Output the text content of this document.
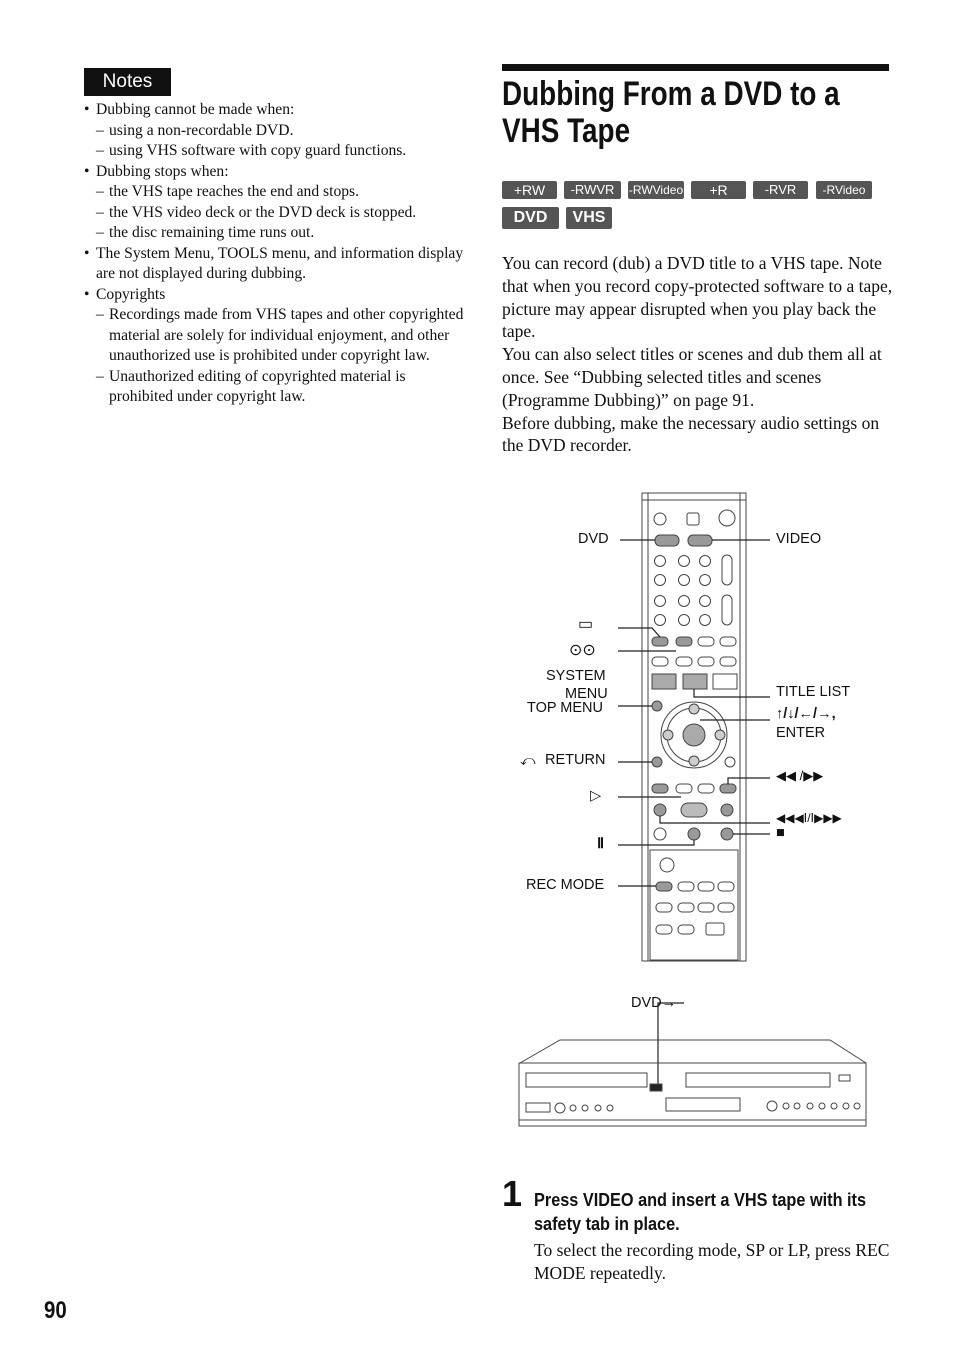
Notes
• Dubbing cannot be made when:
– using a non-recordable DVD.
– using VHS software with copy guard functions.
• Dubbing stops when:
– the VHS tape reaches the end and stops.
– the VHS video deck or the DVD deck is stopped.
– the disc remaining time runs out.
• The System Menu, TOOLS menu, and information display are not displayed during dubbing.
• Copyrights
– Recordings made from VHS tapes and other copyrighted material are solely for individual enjoyment, and other unauthorized use is prohibited under copyright law.
– Unauthorized editing of copyrighted material is prohibited under copyright law.
Dubbing From a DVD to a
VHS Tape
+RW	-RWVR	-RWVideo	+R	-RVR	-RVideo
DVD	VHS

You can record (dub) a DVD title to a VHS tape. Note that when you record copy-protected software to a tape, picture may appear disrupted when you play back the tape.

You can also select titles or scenes and dub them all at once. See “Dubbing selected titles and scenes (Programme Dubbing)” on page 91.

Before dubbing, make the necessary audio settings on the DVD recorder.

DVD	VIDEO
▭
⊙⊙
SYSTEM
MENU
TOP MENU
⤺ RETURN
▷
Ⅱ
REC MODE
TITLE LIST
↑/↓/←/→,
ENTER
◀◀ /▶▶
◀◀◀Ⅰ/Ⅰ▶▶▶
■
DVD→
1 Press VIDEO and insert a VHS tape with its safety tab in place.
To select the recording mode, SP or LP, press REC MODE repeatedly.
90
